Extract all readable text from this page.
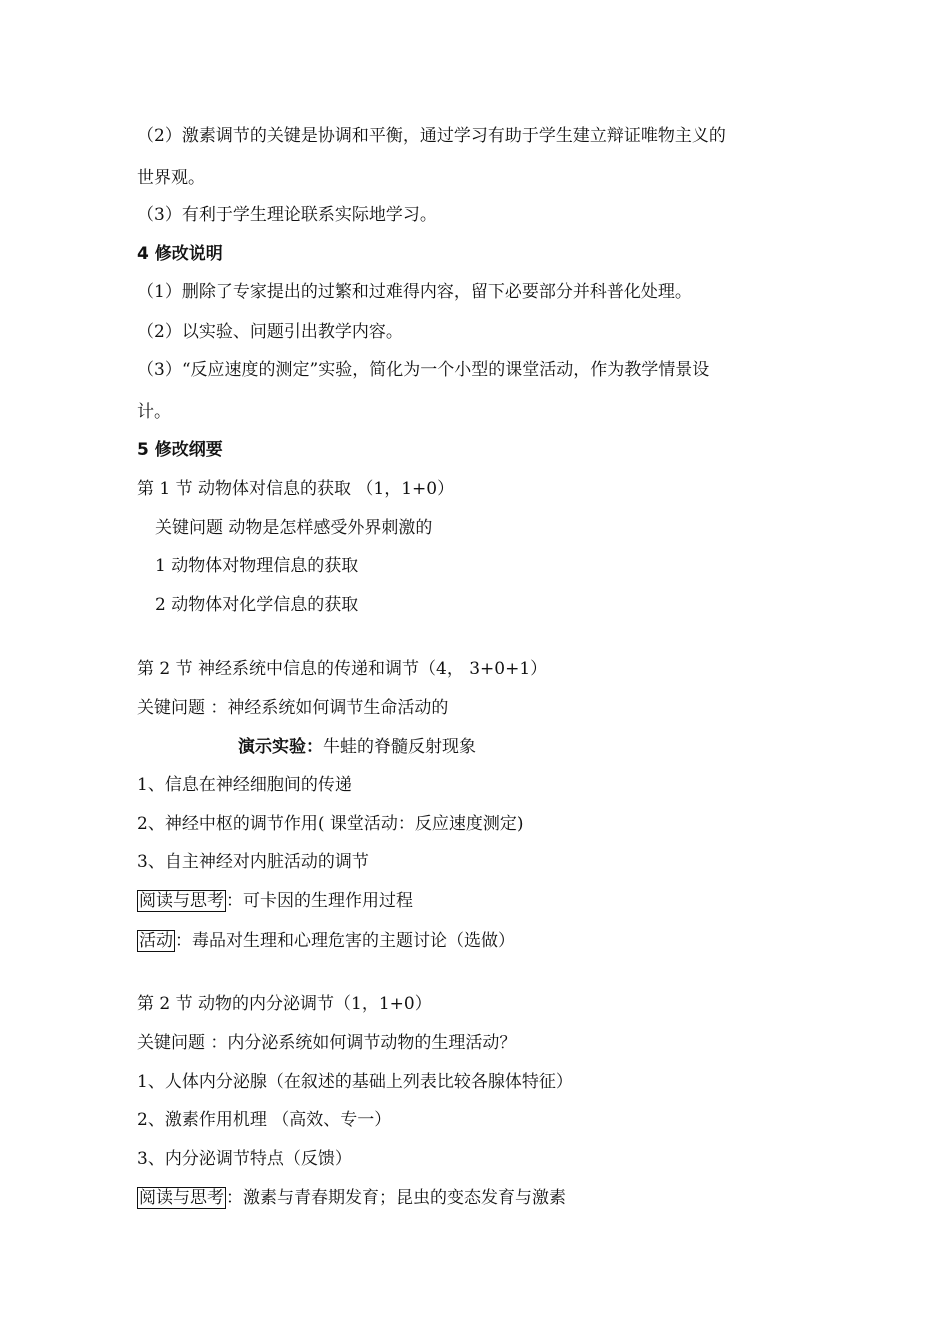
（2）激素调节的关键是协调和平衡，通过学习有助于学生建立辩证唯物主义的
世界观。
（3）有利于学生理论联系实际地学习。
4 修改说明
（1）删除了专家提出的过繁和过难得内容，留下必要部分并科普化处理。
（2）以实验、问题引出教学内容。
（3）“反应速度的测定”实验，简化为一个小型的课堂活动，作为教学情景设
计。
5 修改纲要
第 1 节 动物体对信息的获取 （1，1+0）
关键问题 动物是怎样感受外界刺激的
1 动物体对物理信息的获取
2 动物体对化学信息的获取
第 2 节 神经系统中信息的传递和调节（4， 3+0+1）
关键问题 ：神经系统如何调节生命活动的
演示实验：牛蛙的脊髓反射现象
1、信息在神经细胞间的传递
2、神经中枢的调节作用( 课堂活动：反应速度测定)
3、自主神经对内脏活动的调节
阅读与思考 ：可卡因的生理作用过程
活动 ：毒品对生理和心理危害的主题讨论（选做）
第 2 节 动物的内分泌调节（1，1+0）
关键问题 ：内分泌系统如何调节动物的生理活动？
1、人体内分泌腺（在叙述的基础上列表比较各腺体特征）
2、激素作用机理 （高效、专一）
3、内分泌调节特点（反馈）
阅读与思考 ：激素与青春期发育；昆虫的变态发育与激素
